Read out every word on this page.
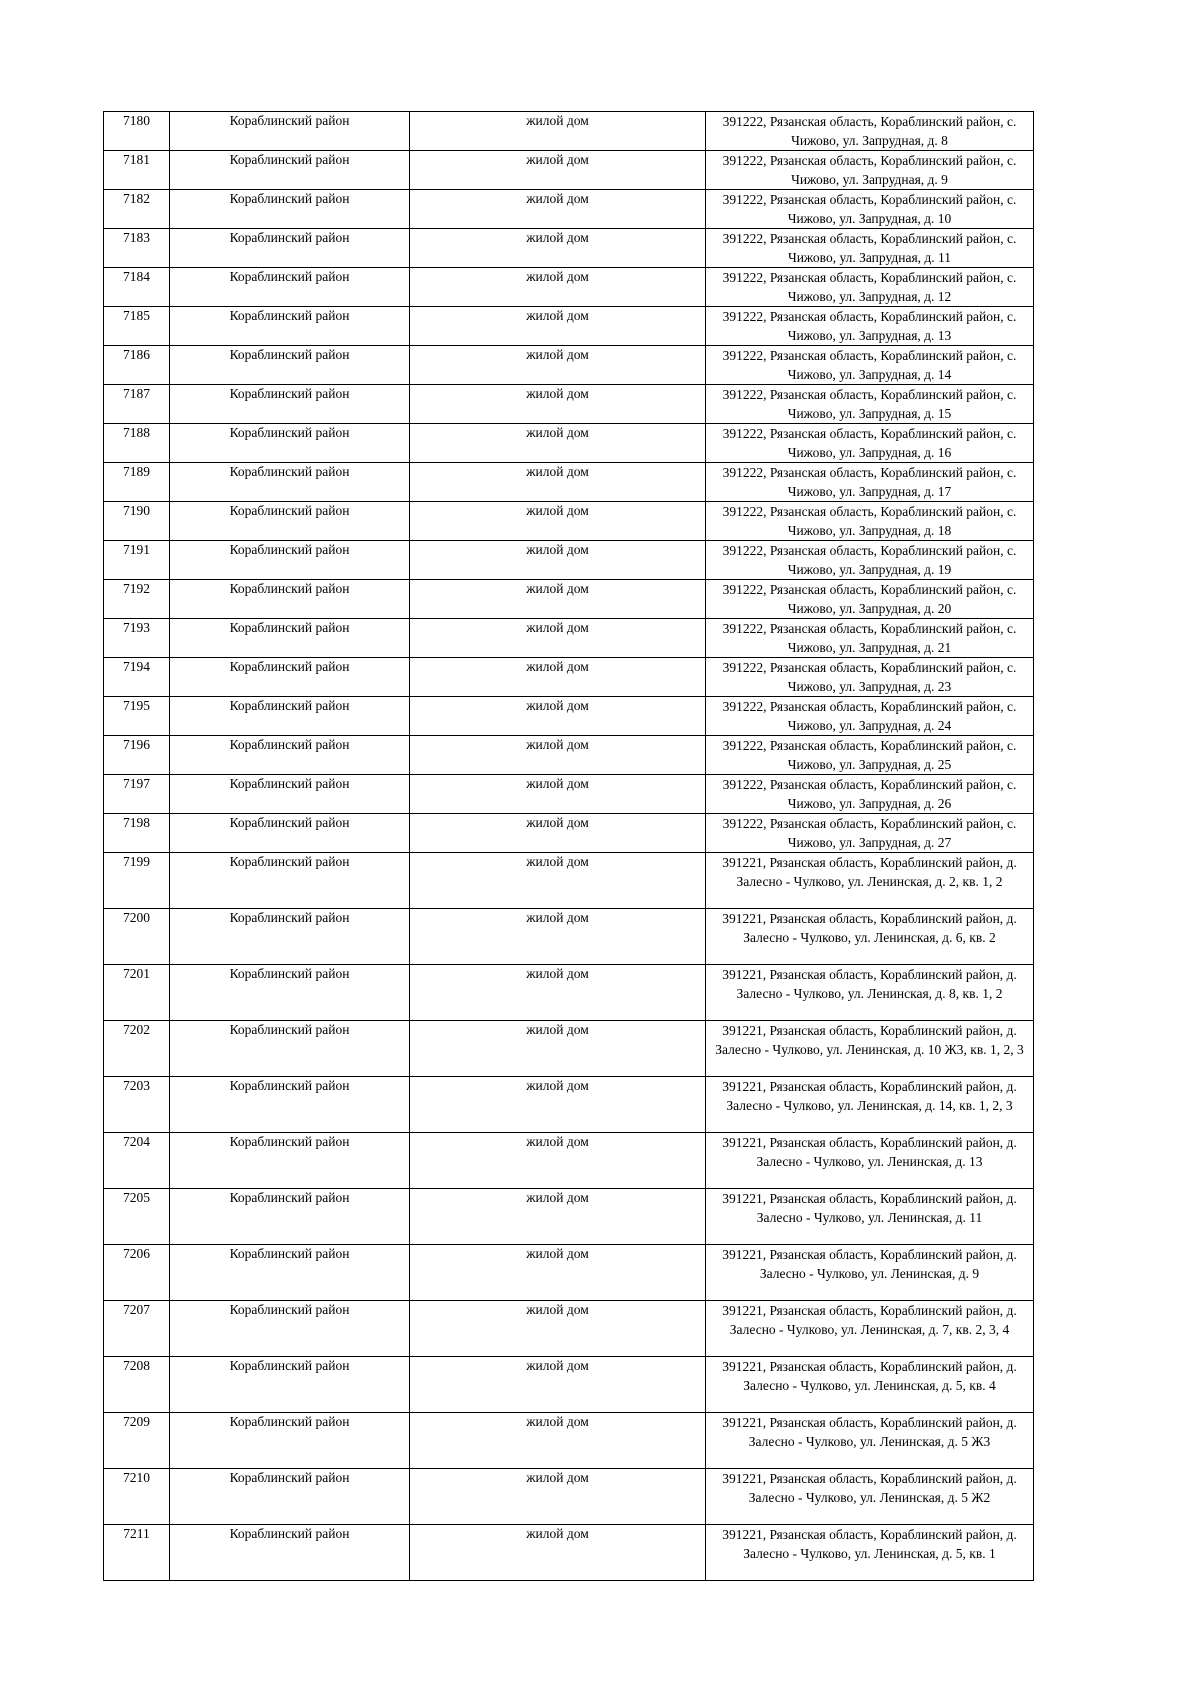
7180	Кораблинский район	жилой дом	391222, Рязанская область, Кораблинский район, с. Чижово, ул. Запрудная, д. 8
7181	Кораблинский район	жилой дом	391222, Рязанская область, Кораблинский район, с. Чижово, ул. Запрудная, д. 9
7182	Кораблинский район	жилой дом	391222, Рязанская область, Кораблинский район, с. Чижово, ул. Запрудная, д. 10
7183	Кораблинский район	жилой дом	391222, Рязанская область, Кораблинский район, с. Чижово, ул. Запрудная, д. 11
7184	Кораблинский район	жилой дом	391222, Рязанская область, Кораблинский район, с. Чижово, ул. Запрудная, д. 12
7185	Кораблинский район	жилой дом	391222, Рязанская область, Кораблинский район, с. Чижово, ул. Запрудная, д. 13
7186	Кораблинский район	жилой дом	391222, Рязанская область, Кораблинский район, с. Чижово, ул. Запрудная, д. 14
7187	Кораблинский район	жилой дом	391222, Рязанская область, Кораблинский район, с. Чижово, ул. Запрудная, д. 15
7188	Кораблинский район	жилой дом	391222, Рязанская область, Кораблинский район, с. Чижово, ул. Запрудная, д. 16
7189	Кораблинский район	жилой дом	391222, Рязанская область, Кораблинский район, с. Чижово, ул. Запрудная, д. 17
7190	Кораблинский район	жилой дом	391222, Рязанская область, Кораблинский район, с. Чижово, ул. Запрудная, д. 18
7191	Кораблинский район	жилой дом	391222, Рязанская область, Кораблинский район, с. Чижово, ул. Запрудная, д. 19
7192	Кораблинский район	жилой дом	391222, Рязанская область, Кораблинский район, с. Чижово, ул. Запрудная, д. 20
7193	Кораблинский район	жилой дом	391222, Рязанская область, Кораблинский район, с. Чижово, ул. Запрудная, д. 21
7194	Кораблинский район	жилой дом	391222, Рязанская область, Кораблинский район, с. Чижово, ул. Запрудная, д. 23
7195	Кораблинский район	жилой дом	391222, Рязанская область, Кораблинский район, с. Чижово, ул. Запрудная, д. 24
7196	Кораблинский район	жилой дом	391222, Рязанская область, Кораблинский район, с. Чижово, ул. Запрудная, д. 25
7197	Кораблинский район	жилой дом	391222, Рязанская область, Кораблинский район, с. Чижово, ул. Запрудная, д. 26
7198	Кораблинский район	жилой дом	391222, Рязанская область, Кораблинский район, с. Чижово, ул. Запрудная, д. 27
7199	Кораблинский район	жилой дом	391221, Рязанская область, Кораблинский район, д. Залесно - Чулково, ул. Ленинская, д. 2, кв. 1, 2
7200	Кораблинский район	жилой дом	391221, Рязанская область, Кораблинский район, д. Залесно - Чулково, ул. Ленинская, д. 6, кв. 2
7201	Кораблинский район	жилой дом	391221, Рязанская область, Кораблинский район, д. Залесно - Чулково, ул. Ленинская, д. 8, кв. 1, 2
7202	Кораблинский район	жилой дом	391221, Рязанская область, Кораблинский район, д. Залесно - Чулково, ул. Ленинская, д. 10 Ж3, кв. 1, 2, 3
7203	Кораблинский район	жилой дом	391221, Рязанская область, Кораблинский район, д. Залесно - Чулково, ул. Ленинская, д. 14, кв. 1, 2, 3
7204	Кораблинский район	жилой дом	391221, Рязанская область, Кораблинский район, д. Залесно - Чулково, ул. Ленинская, д. 13
7205	Кораблинский район	жилой дом	391221, Рязанская область, Кораблинский район, д. Залесно - Чулково, ул. Ленинская, д. 11
7206	Кораблинский район	жилой дом	391221, Рязанская область, Кораблинский район, д. Залесно - Чулково, ул. Ленинская, д. 9
7207	Кораблинский район	жилой дом	391221, Рязанская область, Кораблинский район, д. Залесно - Чулково, ул. Ленинская, д. 7, кв. 2, 3, 4
7208	Кораблинский район	жилой дом	391221, Рязанская область, Кораблинский район, д. Залесно - Чулково, ул. Ленинская, д. 5, кв. 4
7209	Кораблинский район	жилой дом	391221, Рязанская область, Кораблинский район, д. Залесно - Чулково, ул. Ленинская, д. 5 Ж3
7210	Кораблинский район	жилой дом	391221, Рязанская область, Кораблинский район, д. Залесно - Чулково, ул. Ленинская, д. 5 Ж2
7211	Кораблинский район	жилой дом	391221, Рязанская область, Кораблинский район, д. Залесно - Чулково, ул. Ленинская, д. 5, кв. 1
